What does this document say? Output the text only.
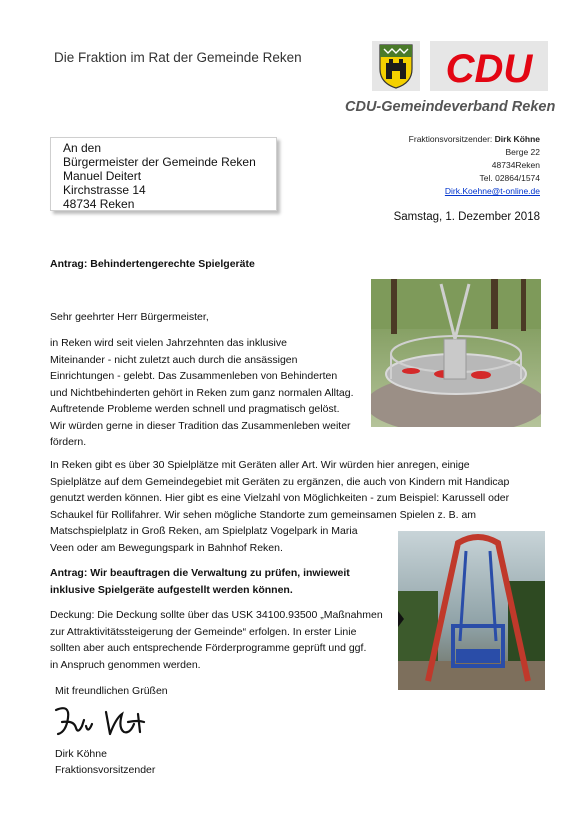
Die Fraktion im Rat der Gemeinde Reken	CDU
CDU-Gemeindeverband Reken
An den
Bürgermeister der Gemeinde Reken
Manuel Deitert
Kirchstrasse 14
48734 Reken
Fraktionsvorsitzender: Dirk Köhne
Berge 22
48734Reken
Tel. 02864/1574
Dirk.Koehne@t-online.de
Samstag, 1. Dezember 2018
Antrag: Behindertengerechte Spielgeräte
Sehr geehrter Herr Bürgermeister,
in Reken wird seit vielen Jahrzehnten das inklusive
Miteinander - nicht zuletzt auch durch die ansässigen
Einrichtungen - gelebt. Das Zusammenleben von Behinderten
und Nichtbehinderten gehört in Reken zum ganz normalen Alltag.
Auftretende Probleme werden schnell und pragmatisch gelöst.
Wir würden gerne in dieser Tradition das Zusammenleben weiter
fördern.
In Reken gibt es über 30 Spielplätze mit Geräten aller Art. Wir würden hier anregen, einige
Spielplätze auf dem Gemeindegebiet mit Geräten zu ergänzen, die auch von Kindern mit Handicap
genutzt werden können. Hier gibt es eine Vielzahl von Möglichkeiten - zum Beispiel: Karussell oder
Schaukel für Rollifahrer. Wir sehen mögliche Standorte zum gemeinsamen Spielen z. B. am
Matschspielplatz in Groß Reken, am Spielplatz Vogelpark in Maria
Veen oder am Bewegungspark in Bahnhof Reken.
Antrag: Wir beauftragen die Verwaltung zu prüfen, inwieweit
inklusive Spielgeräte aufgestellt werden können.
Deckung: Die Deckung sollte über das USK 34100.93500 „Maßnahmen
zur Attraktivitätssteigerung der Gemeinde“ erfolgen. In erster Linie
sollten aber auch entsprechende Förderprogramme geprüft und ggf.
in Anspruch genommen werden.
Mit freundlichen Grüßen
Dirk Köhne
Fraktionsvorsitzender
